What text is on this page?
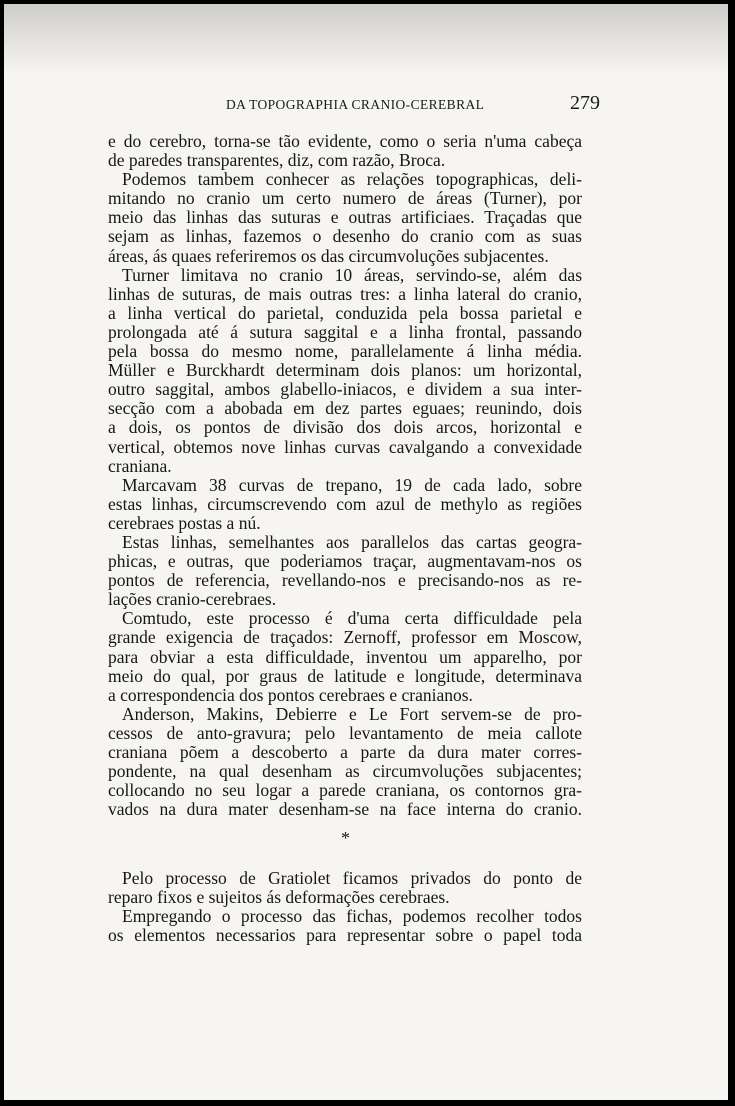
DA TOPOGRAPHIA CRANIO-CEREBRAL	279

e do cerebro, torna-se tão evidente, como o seria n'uma cabeça

de paredes transparentes, diz, com razão, Broca.

Podemos tambem conhecer as relações topographicas, deli-

mitando no cranio um certo numero de áreas (Turner), por

meio das linhas das suturas e outras artificiaes. Traçadas que

sejam as linhas, fazemos o desenho do cranio com as suas

áreas, ás quaes referiremos os das circumvoluções subjacentes.

Turner limitava no cranio 10 áreas, servindo-se, além das

linhas de suturas, de mais outras tres: a linha lateral do cranio,

a linha vertical do parietal, conduzida pela bossa parietal e

prolongada até á sutura saggital e a linha frontal, passando

pela bossa do mesmo nome, parallelamente á linha média.

Müller e Burckhardt determinam dois planos: um horizontal,

outro saggital, ambos glabello-iniacos, e dividem a sua inter-

secção com a abobada em dez partes eguaes; reunindo, dois

a dois, os pontos de divisão dos dois arcos, horizontal e

vertical, obtemos nove linhas curvas cavalgando a convexidade

craniana.

Marcavam 38 curvas de trepano, 19 de cada lado, sobre

estas linhas, circumscrevendo com azul de methylo as regiões

cerebraes postas a nú.

Estas linhas, semelhantes aos parallelos das cartas geogra-

phicas, e outras, que poderiamos traçar, augmentavam-nos os

pontos de referencia, revellando-nos e precisando-nos as re-

lações cranio-cerebraes.

Comtudo, este processo é d'uma certa difficuldade pela

grande exigencia de traçados: Zernoff, professor em Moscow,

para obviar a esta difficuldade, inventou um apparelho, por

meio do qual, por graus de latitude e longitude, determinava

a correspondencia dos pontos cerebraes e cranianos.

Anderson, Makins, Debierre e Le Fort servem-se de pro-

cessos de anto-gravura; pelo levantamento de meia callote

craniana põem a descoberto a parte da dura mater corres-

pondente, na qual desenham as circumvoluções subjacentes;

collocando no seu logar a parede craniana, os contornos gra-

vados na dura mater desenham-se na face interna do cranio.

*

Pelo processo de Gratiolet ficamos privados do ponto de

reparo fixos e sujeitos ás deformações cerebraes.

Empregando o processo das fichas, podemos recolher todos

os elementos necessarios para representar sobre o papel toda
